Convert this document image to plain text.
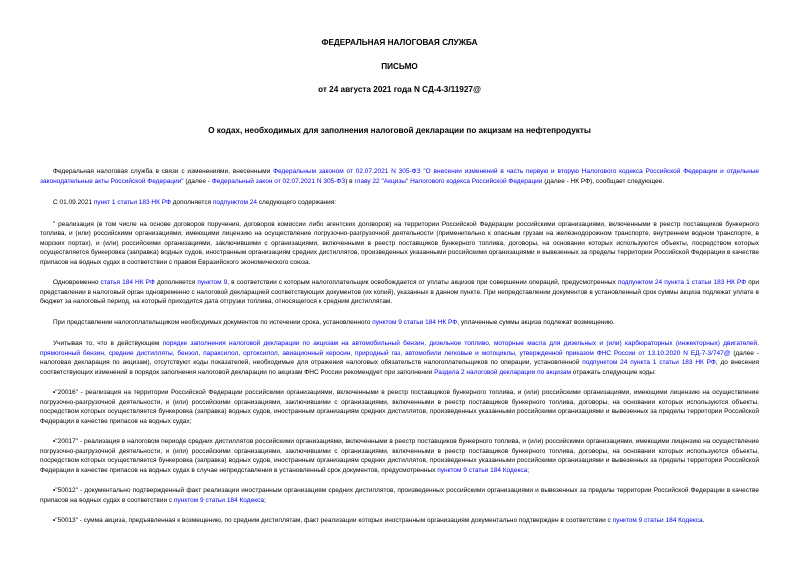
ФЕДЕРАЛЬНАЯ НАЛОГОВАЯ СЛУЖБА

ПИСЬМО

от 24 августа 2021 года N СД-4-3/11927@

О кодах, необходимых для заполнения налоговой декларации по акцизам на нефтепродукты

Федеральная налоговая служба в связи с изменениями, внесенными Федеральным законом от 02.07.2021 N 305-ФЗ "О внесении изменений в часть первую и вторую Налогового кодекса Российской Федерации и отдельные законодательные акты Российской Федерации" (далее - Федеральный закон от 02.07.2021 N 305-ФЗ) в главу 22 "Акцизы" Налогового кодекса Российской Федерации (далее - НК РФ), сообщает следующее.

С 01.09.2021 пункт 1 статьи 183 НК РФ дополняется подпунктом 24 следующего содержания:

" реализация (в том числе на основе договоров поручения, договоров комиссии либо агентских договоров) на территории Российской Федерации российскими организациями, включенными в реестр поставщиков бункерного топлива, и (или) российскими организациями, имеющими лицензию на осуществление погрузочно-разгрузочной деятельности (применительно к опасным грузам на железнодорожном транспорте, внутреннем водном транспорте, в морских портах), и (или) российскими организациями, заключившими с организациями, включенными в реестр поставщиков бункерного топлива, договоры, на основании которых используются объекты, посредством которых осуществляется бункеровка (заправка) водных судов, иностранным организациям средних дистиллятов, произведенных указанными российскими организациями и вывезенных за пределы территории Российской Федерации в качестве припасов на водных судах в соответствии с правом Евразийского экономического союза.

Одновременно статья 184 НК РФ дополняется пунктом 9, в соответствии с которым налогоплательщик освобождается от уплаты акцизов при совершении операций, предусмотренных подпунктом 24 пункта 1 статьи 183 НК РФ при представлении в налоговый орган одновременно с налоговой декларацией соответствующих документов (их копий), указанных в данном пункте. При непредставлении документов в установленный срок суммы акциза подлежат уплате в бюджет за налоговый период, на который приходится дата отгрузки топлива, относящегося к средним дистиллятам.

При представлении налогоплательщиком необходимых документов по истечении срока, установленного пунктом 9 статьи 184 НК РФ, уплаченные суммы акциза подлежат возмещению.

Учитывая то, что в действующем порядке заполнения налоговой декларации по акцизам на автомобильный бензин, дизельное топливо, моторные масла для дизельных и (или) карбюраторных (инжекторных) двигателей, прямогонный бензин, средние дистилляты, бензол, параксилол, ортоксилол, авиационный керосин, природный газ, автомобили легковые и мотоциклы, утвержденной приказом ФНС России от 13.10.2020 N ЕД-7-3/747@ (далее - налоговая декларация по акцизам), отсутствуют коды показателей, необходимые для отражения налоговых обязательств налогоплательщиков по операции, установленной подпунктом 24 пункта 1 статьи 183 НК РФ, до внесения соответствующих изменений в порядок заполнения налоговой декларации по акцизам ФНС России рекомендует при заполнении Раздела 2 налоговой декларации по акцизам отражать следующие коды:

•"20016" - реализация на территории Российской Федерации российскими организациями, включенными в реестр поставщиков бункерного топлива, и (или) российскими организациями, имеющими лицензию на осуществление погрузочно-разгрузочной деятельности, и (или) российскими организациями, заключившими с организациями, включенными в реестр поставщиков бункерного топлива, договоры, на основании которых используются объекты, посредством которых осуществляется бункеровка (заправка) водных судов, иностранным организациям средних дистиллятов, произведенных указанными российскими организациями и вывезенных за пределы территории Российской Федерации в качестве припасов на водных судах;

•"20017" - реализация в налоговом периоде средних дистиллятов российскими организациями, включенными в реестр поставщиков бункерного топлива, и (или) российскими организациями, имеющими лицензию на осуществление погрузочно-разгрузочной деятельности, и (или) российскими организациями, заключившими с организациями, включенными в реестр поставщиков бункерного топлива, договоры, на основании которых используются объекты, посредством которых осуществляется бункеровка (заправка) водных судов, иностранным организациям средних дистиллятов, произведенных указанными российскими организациями и вывезенных за пределы территории Российской Федерации в качестве припасов на водных судах в случае непредставления в установленный срок документов, предусмотренных пунктом 9 статьи 184 Кодекса;

•"50012" - документально подтвержденный факт реализации иностранным организациям средних дистиллятов, произведенных российскими организациями и вывезенных за пределы территории Российской Федерации в качестве припасов на водных судах в соответствии с пунктом 9 статьи 184 Кодекса;

•"50013" - сумма акциза, предъявленная к возмещению, по средним дистиллятам, факт реализации которых иностранным организациям документально подтвержден в соответствии с пунктом 9 статьи 184 Кодекса.
